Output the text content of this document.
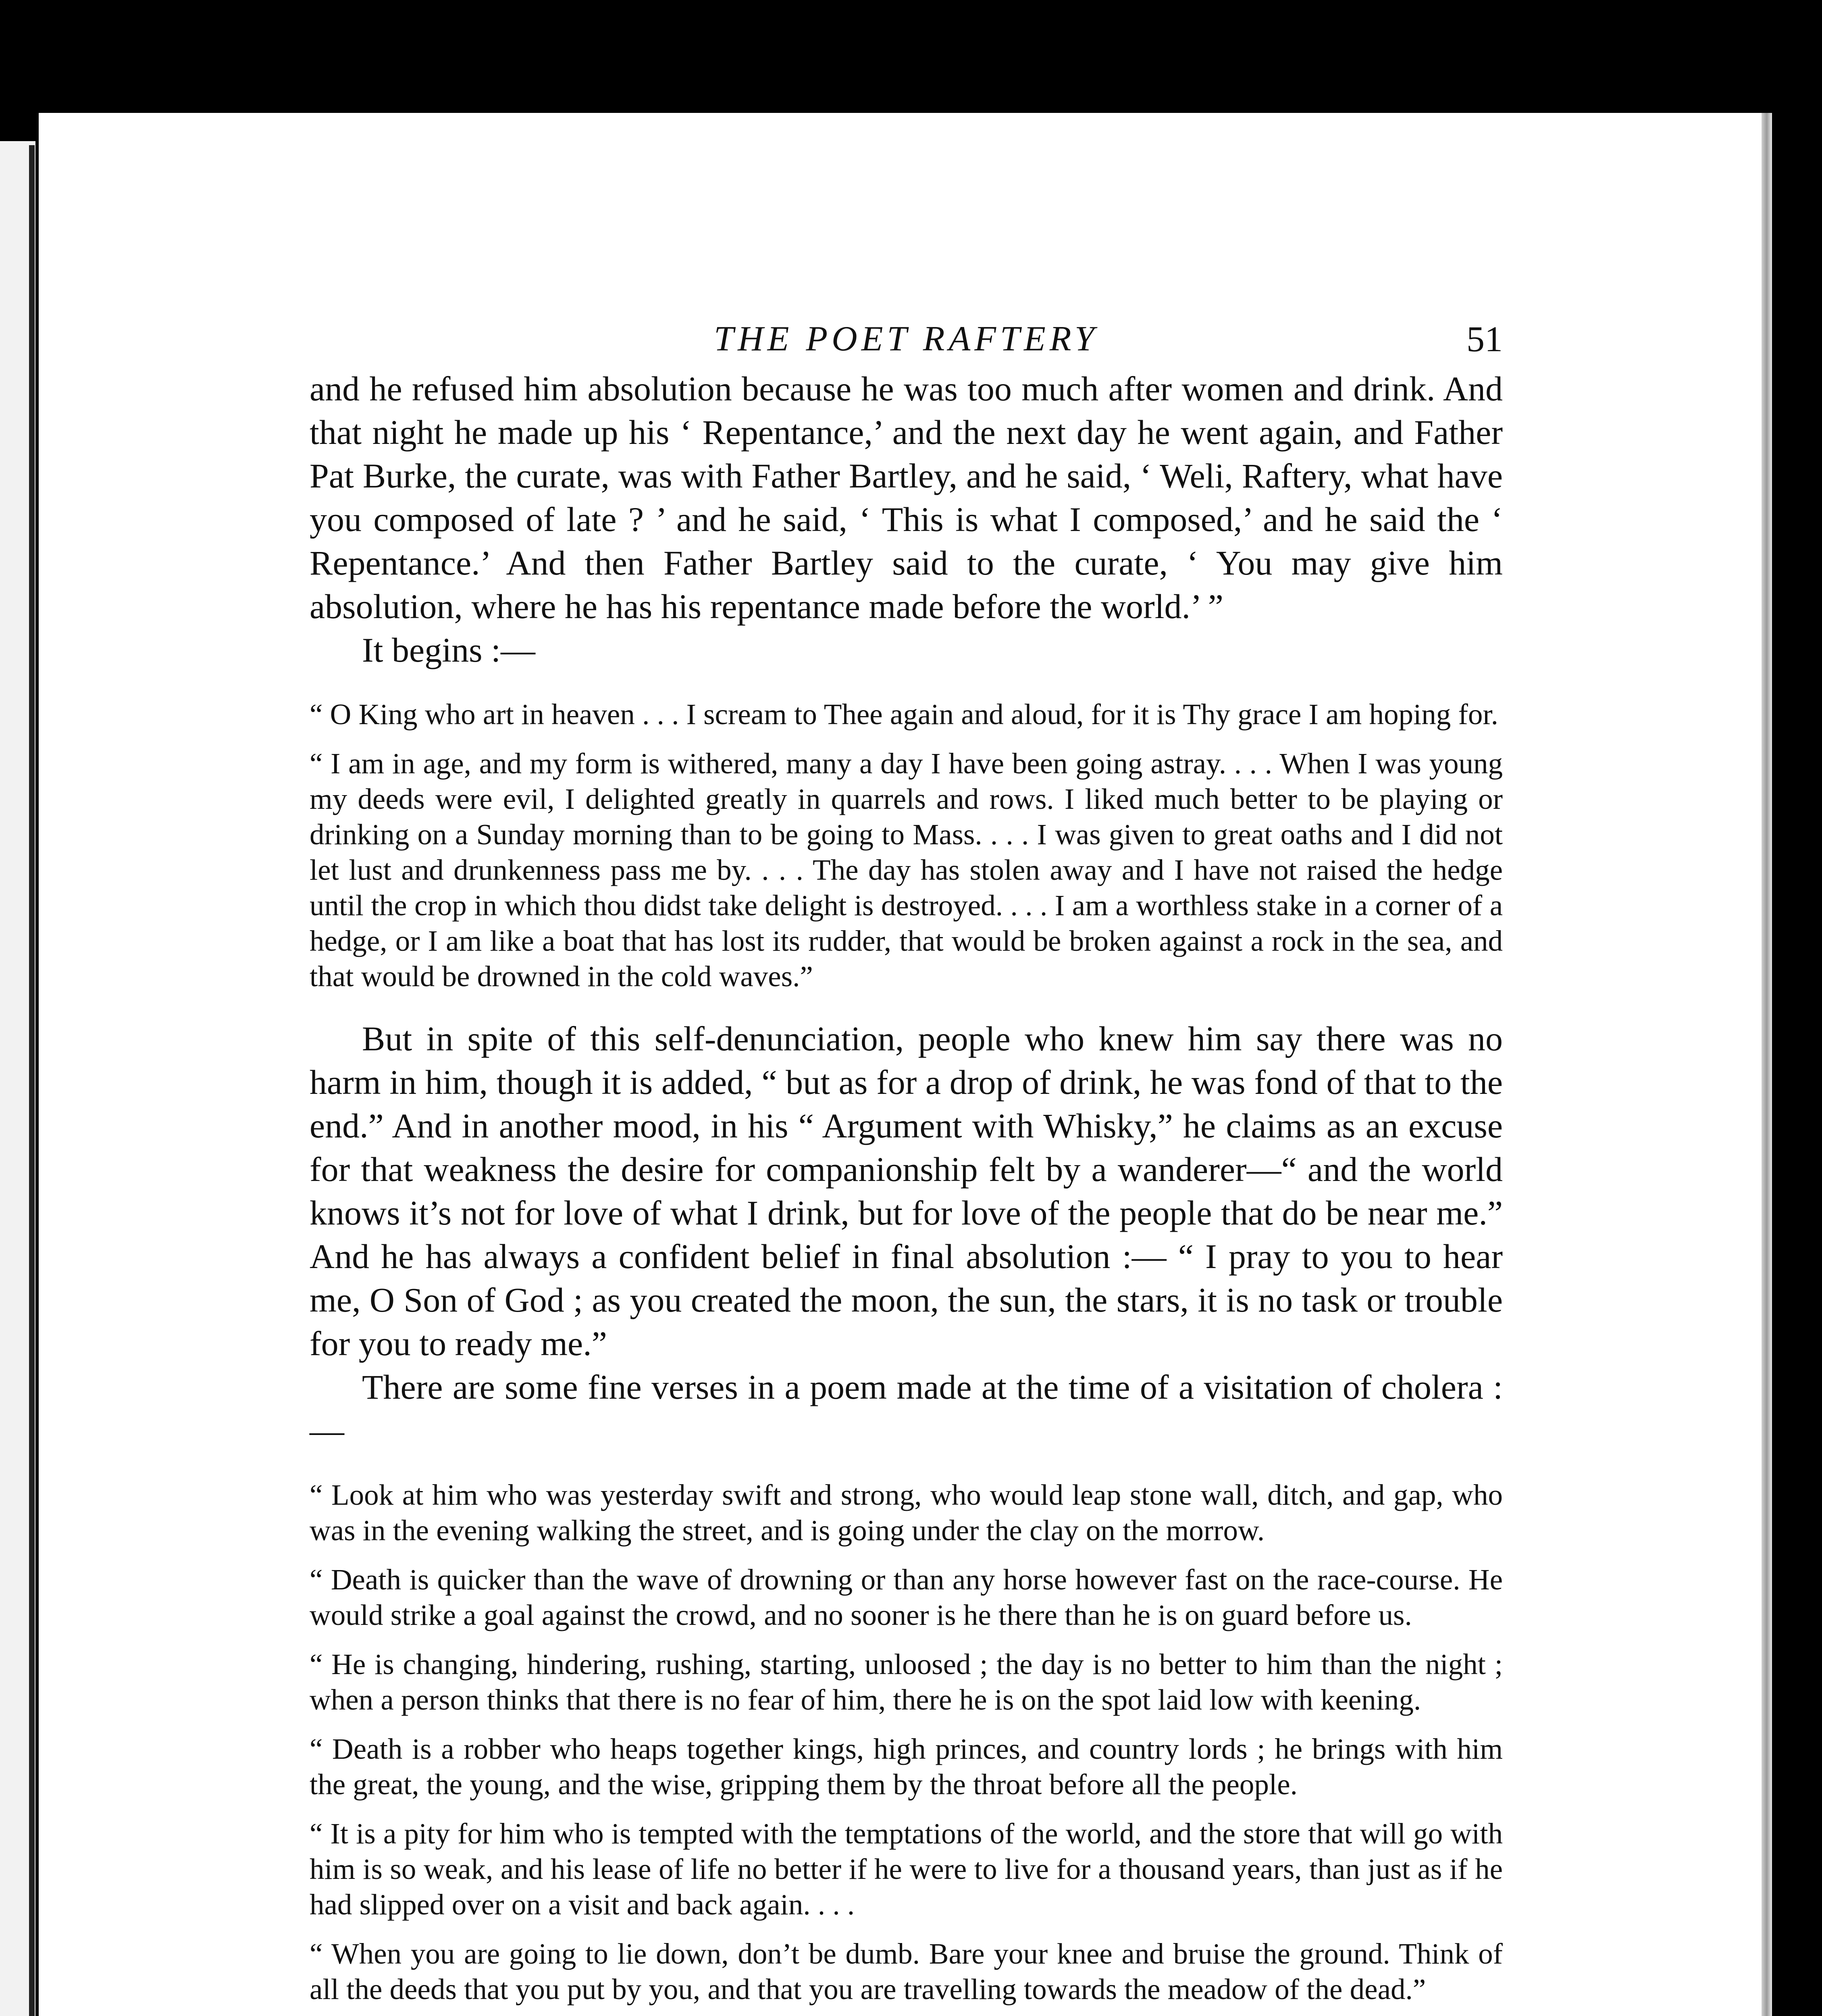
THE POET RAFTERY	51

and he refused him absolution because he was too much after women and drink. And that night he made up his ‘ Repentance,’ and the next day he went again, and Father Pat Burke, the curate, was with Father Bartley, and he said, ‘ Weli, Raftery, what have you composed of late ? ’ and he said, ‘ This is what I composed,’ and he said the ‘ Repentance.’ And then Father Bartley said to the curate, ‘ You may give him absolution, where he has his repentance made before the world.’ ”

It begins :—

“ O King who art in heaven . . . I scream to Thee again and aloud, for it is Thy grace I am hoping for.

“ I am in age, and my form is withered, many a day I have been going astray. . . . When I was young my deeds were evil, I delighted greatly in quarrels and rows. I liked much better to be playing or drinking on a Sunday morning than to be going to Mass. . . . I was given to great oaths and I did not let lust and drunkenness pass me by. . . . The day has stolen away and I have not raised the hedge until the crop in which thou didst take delight is destroyed. . . . I am a worthless stake in a corner of a hedge, or I am like a boat that has lost its rudder, that would be broken against a rock in the sea, and that would be drowned in the cold waves.”

But in spite of this self-denunciation, people who knew him say there was no harm in him, though it is added, “ but as for a drop of drink, he was fond of that to the end.” And in another mood, in his “ Argument with Whisky,” he claims as an excuse for that weakness the desire for companionship felt by a wanderer—“ and the world knows it’s not for love of what I drink, but for love of the people that do be near me.” And he has always a confident belief in final absolution :— “ I pray to you to hear me, O Son of God ; as you created the moon, the sun, the stars, it is no task or trouble for you to ready me.”

There are some fine verses in a poem made at the time of a visitation of cholera :—

“ Look at him who was yesterday swift and strong, who would leap stone wall, ditch, and gap, who was in the evening walking the street, and is going under the clay on the morrow.

“ Death is quicker than the wave of drowning or than any horse however fast on the race-course. He would strike a goal against the crowd, and no sooner is he there than he is on guard before us.

“ He is changing, hindering, rushing, starting, unloosed ; the day is no better to him than the night ; when a person thinks that there is no fear of him, there he is on the spot laid low with keening.

“ Death is a robber who heaps together kings, high princes, and country lords ; he brings with him the great, the young, and the wise, gripping them by the throat before all the people.

“ It is a pity for him who is tempted with the temptations of the world, and the store that will go with him is so weak, and his lease of life no better if he were to live for a thousand years, than just as if he had slipped over on a visit and back again. . . .

“ When you are going to lie down, don’t be dumb. Bare your knee and bruise the ground. Think of all the deeds that you put by you, and that you are travelling towards the meadow of the dead.”
